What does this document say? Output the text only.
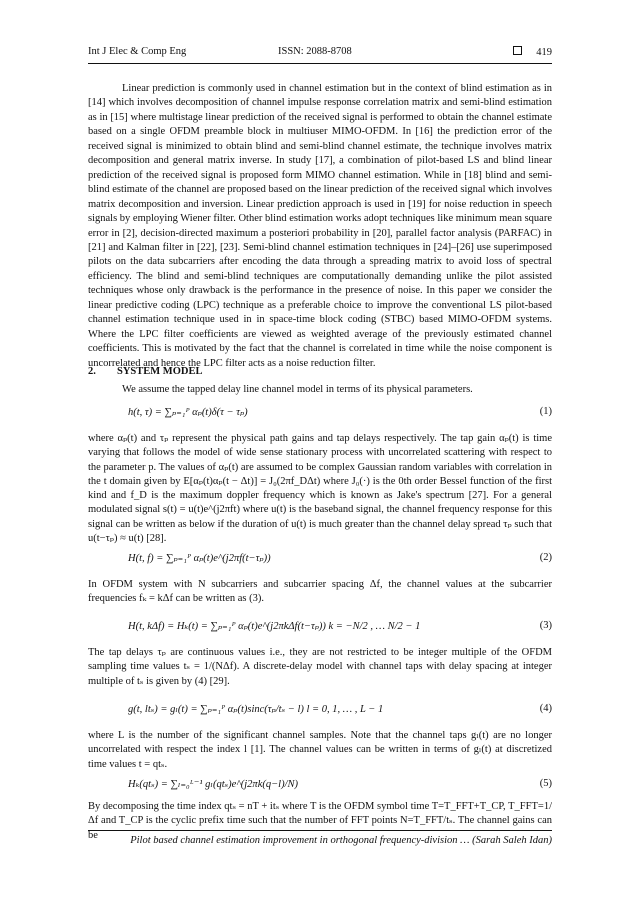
Int J Elec & Comp Eng	ISSN: 2088-8708	419

Linear prediction is commonly used in channel estimation but in the context of blind estimation as in [14] which involves decomposition of channel impulse response correlation matrix and semi-blind estimation as in [15] where multistage linear prediction of the received signal is performed to obtain the channel estimate based on a single OFDM preamble block in multiuser MIMO-OFDM. In [16] the prediction error of the received signal is minimized to obtain blind and semi-blind channel estimate, the technique involves matrix decomposition and general matrix inverse. In study [17], a combination of pilot-based LS and blind linear prediction of the received signal is proposed form MIMO channel estimation. While in [18] blind and semi-blind estimate of the channel are proposed based on the linear prediction of the received signal which involves matrix decomposition and inversion. Linear prediction approach is used in [19] for noise reduction in speech signals by employing Wiener filter. Other blind estimation works adopt techniques like minimum mean square error in [2], decision-directed maximum a posteriori probability in [20], parallel factor analysis (PARFAC) in [21] and Kalman filter in [22], [23]. Semi-blind channel estimation techniques in [24]–[26] use superimposed pilots on the data subcarriers after encoding the data through a spreading matrix to avoid loss of spectral efficiency. The blind and semi-blind techniques are computationally demanding unlike the pilot assisted techniques whose only drawback is the performance in the presence of noise. In this paper we consider the linear predictive coding (LPC) technique as a preferable choice to improve the conventional LS pilot-based channel estimation technique used in in space-time block coding (STBC) based MIMO-OFDM systems. Where the LPC filter coefficients are viewed as weighted average of the previously estimated channel coefficients. This is motivated by the fact that the channel is correlated in time while the noise component is uncorrelated and hence the LPC filter acts as a noise reduction filter.

2. SYSTEM MODEL
We assume the tapped delay line channel model in terms of its physical parameters.
h(t, τ) = ∑ₚ₌₁ᴾ αₚ(t)δ(τ − τₚ)	(1)
where αₚ(t) and τₚ represent the physical path gains and tap delays respectively. The tap gain αₚ(t) is time varying that follows the model of wide sense stationary process with uncorrelated scattering with respect to the parameter p. The values of αₚ(t) are assumed to be complex Gaussian random variables with correlation in the t domain given by E[αₚ(t)αₚ(t − Δt)] = J₀(2πf_DΔt) where J₀(·) is the 0th order Bessel function of the first kind and f_D is the maximum doppler frequency which is known as Jake's spectrum [27]. For a general modulated signal s(t) = u(t)e^(j2πft) where u(t) is the baseband signal, the channel frequency response for this signal can be written as below if the duration of u(t) is much greater than the channel delay spread τₚ such that u(t−τₚ) ≈ u(t) [28].
H(t, f) = ∑ₚ₌₁ᴾ αₚ(t)e^(j2πf(t−τₚ))	(2)
In OFDM system with N subcarriers and subcarrier spacing Δf, the channel values at the subcarrier frequencies fₖ = kΔf can be written as (3).
H(t, kΔf) = Hₖ(t) = ∑ₚ₌₁ᴾ αₚ(t)e^(j2πkΔf(t−τₚ)) k = −N/2 , … N/2 − 1	(3)
The tap delays τₚ are continuous values i.e., they are not restricted to be integer multiple of the OFDM sampling time values tₛ = 1/(NΔf). A discrete-delay model with channel taps with delay spacing at integer multiple of tₛ is given by (4) [29].
g(t, ltₛ) = gₗ(t) = ∑ₚ₌₁ᴾ αₚ(t)sinc(τₚ/tₛ − l) l = 0, 1, … , L − 1	(4)
where L is the number of the significant channel samples. Note that the channel taps gₗ(t) are no longer uncorrelated with respect the index l [1]. The channel values can be written in terms of gₗ(t) at discretized time values t = qtₛ.
Hₖ(qtₛ) = ∑ₗ₌₀ᴸ⁻¹ gₗ(qtₛ)e^(j2πk(q−l)/N)	(5)
By decomposing the time index qtₛ = nT + itₛ where T is the OFDM symbol time T=T_FFT+T_CP, T_FFT=1/Δf and T_CP is the cyclic prefix time such that the number of FFT points N=T_FFT/tₛ. The channel gains can be	Pilot based channel estimation improvement in orthogonal frequency-division … (Sarah Saleh Idan)
